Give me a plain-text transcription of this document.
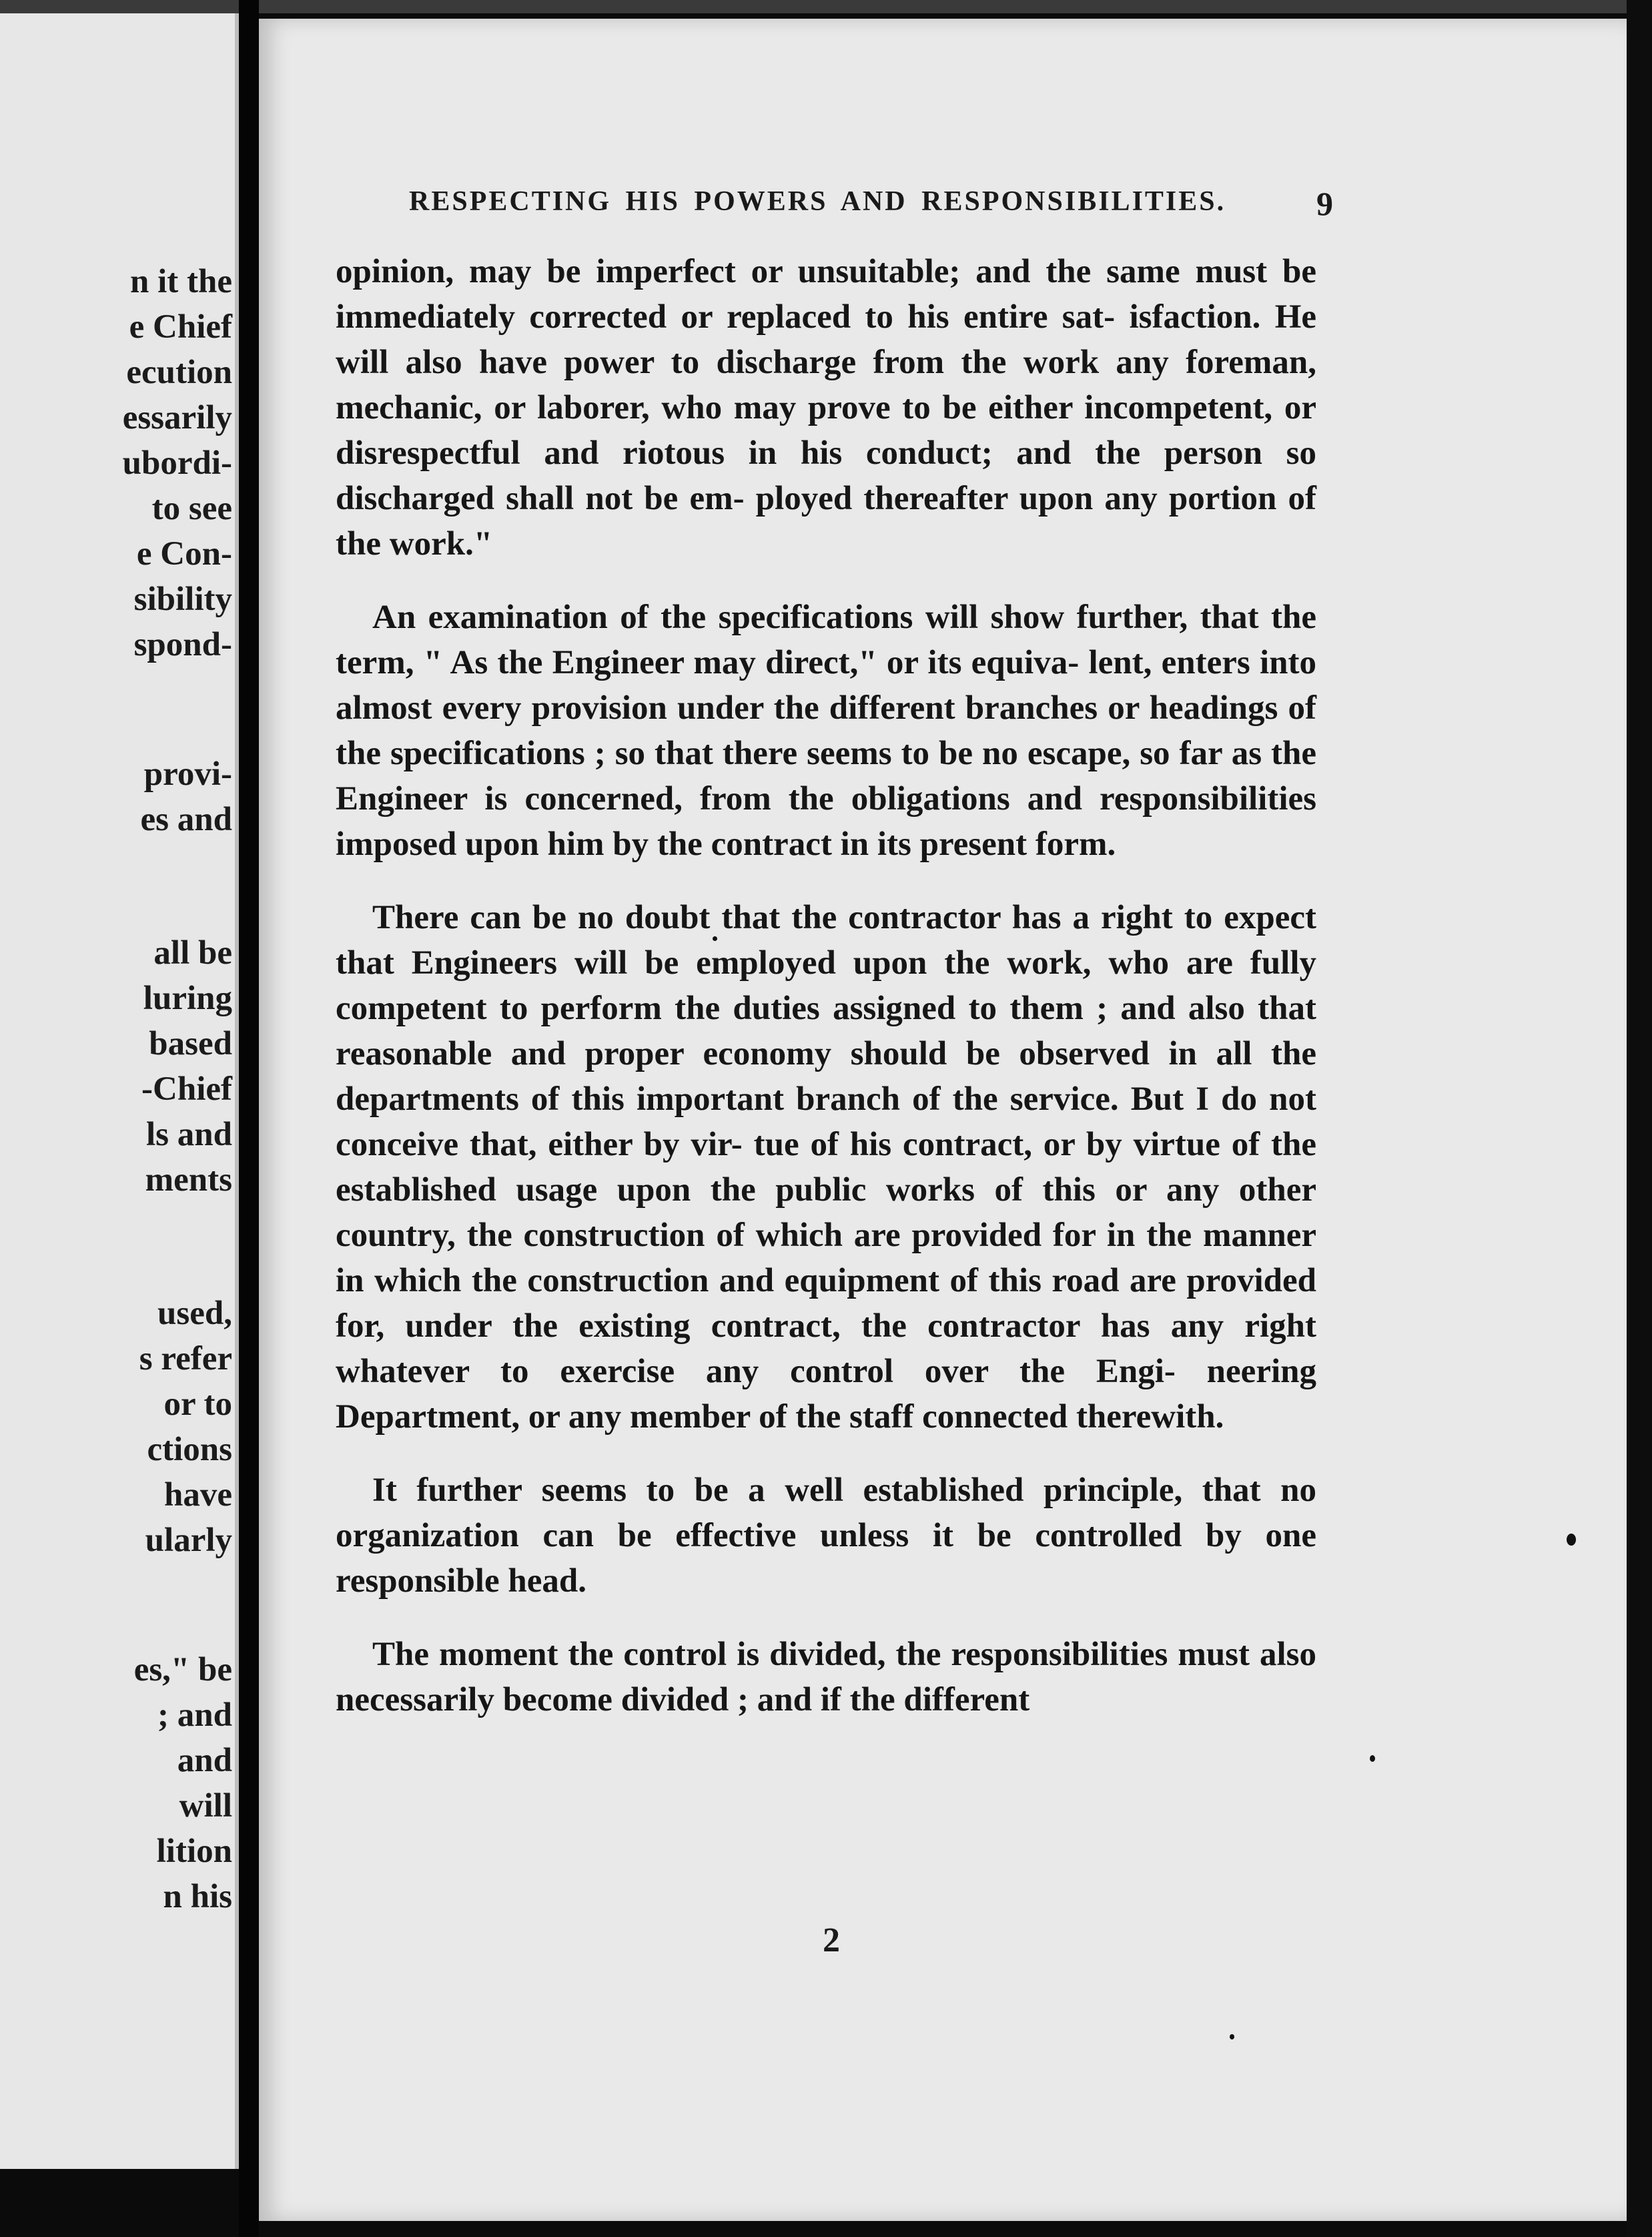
n it the
e Chief
ecution
essarily
ubordi-
to see
e Con-
sibility
spond-
provi-
es and
all be
luring
based
-Chief
ls and
ments
used,
s refer
or to
ctions
have
ularly
es," be
; and
and
will
lition
n his
RESPECTING HIS POWERS AND RESPONSIBILITIES.	9

opinion, may be imperfect or unsuitable; and the same must be immediately corrected or replaced to his entire sat- isfaction. He will also have power to discharge from the work any foreman, mechanic, or laborer, who may prove to be either incompetent, or disrespectful and riotous in his conduct; and the person so discharged shall not be em- ployed thereafter upon any portion of the work."

An examination of the specifications will show further, that the term, " As the Engineer may direct," or its equiva- lent, enters into almost every provision under the different branches or headings of the specifications ; so that there seems to be no escape, so far as the Engineer is concerned, from the obligations and responsibilities imposed upon him by the contract in its present form.

There can be no doubt that the contractor has a right to expect that Engineers will be employed upon the work, who are fully competent to perform the duties assigned to them ; and also that reasonable and proper economy should be observed in all the departments of this important branch of the service. But I do not conceive that, either by vir- tue of his contract, or by virtue of the established usage upon the public works of this or any other country, the construction of which are provided for in the manner in which the construction and equipment of this road are provided for, under the existing contract, the contractor has any right whatever to exercise any control over the Engi- neering Department, or any member of the staff connected therewith.

It further seems to be a well established principle, that no organization can be effective unless it be controlled by one responsible head.

The moment the control is divided, the responsibilities must also necessarily become divided ; and if the different

2
